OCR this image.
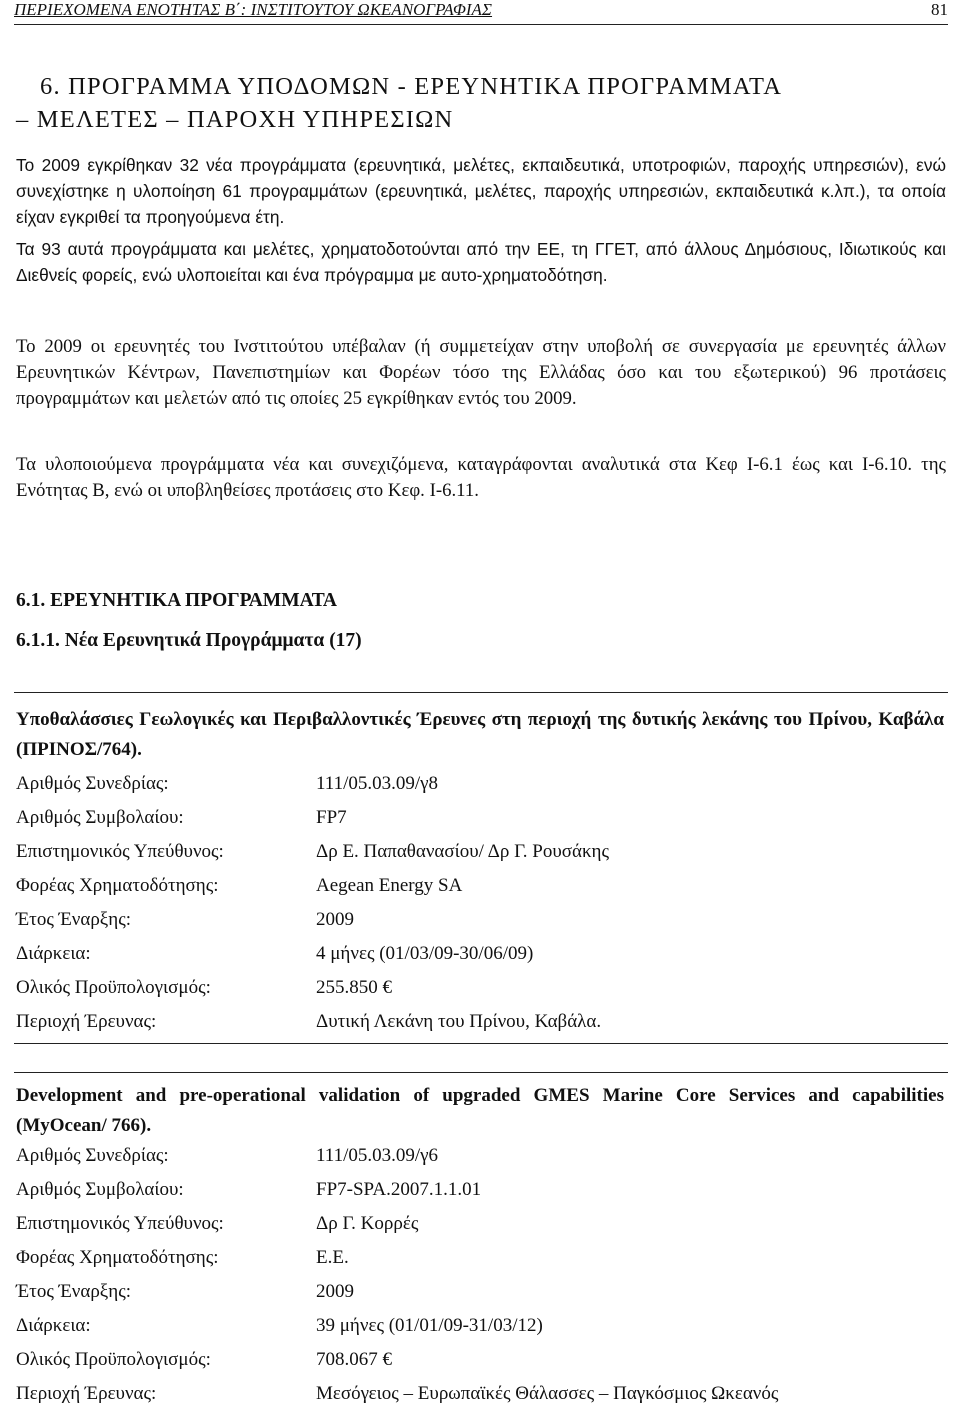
ΠΕΡΙΕΧΟΜΕΝΑ ΕΝΟΤΗΤΑΣ Β΄: ΙΝΣΤΙΤΟΥΤΟΥ ΩΚΕΑΝΟΓΡΑΦΙΑΣ	81
6. ΠΡΟΓΡΑΜΜΑ ΥΠΟΔΟΜΩΝ - ΕΡΕΥΝΗΤΙΚΑ ΠΡΟΓΡΑΜΜΑΤΑ
– ΜΕΛΕΤΕΣ – ΠΑΡΟΧΗ ΥΠΗΡΕΣΙΩΝ
Το 2009 εγκρίθηκαν 32 νέα προγράμματα (ερευνητικά, μελέτες, εκπαιδευτικά, υποτροφιών, παροχής υπηρεσιών), ενώ συνεχίστηκε η υλοποίηση 61 προγραμμάτων (ερευνητικά, μελέτες, παροχής υπηρεσιών, εκπαιδευτικά κ.λπ.), τα οποία είχαν εγκριθεί τα προηγούμενα έτη.
Τα 93 αυτά προγράμματα και μελέτες, χρηματοδοτούνται από την ΕΕ, τη ΓΓΕΤ, από άλλους Δημόσιους, Ιδιωτικούς και Διεθνείς φορείς, ενώ υλοποιείται και ένα πρόγραμμα με αυτο-χρηματοδότηση.
Το 2009 οι ερευνητές του Ινστιτούτου υπέβαλαν (ή συμμετείχαν στην υποβολή σε συνεργασία με ερευνητές άλλων Ερευνητικών Κέντρων, Πανεπιστημίων και Φορέων τόσο της Ελλάδας όσο και του εξωτερικού) 96 προτάσεις προγραμμάτων και μελετών από τις οποίες 25 εγκρίθηκαν εντός του 2009.
Τα υλοποιούμενα προγράμματα νέα και συνεχιζόμενα, καταγράφονται αναλυτικά στα Κεφ Ι-6.1 έως και Ι-6.10. της Ενότητας Β, ενώ οι υποβληθείσες προτάσεις στο Κεφ. Ι-6.11.
6.1. ΕΡΕΥΝΗΤΙΚΑ ΠΡΟΓΡΑΜΜΑΤΑ
6.1.1. Νέα Ερευνητικά Προγράμματα (17)
Υποθαλάσσιες Γεωλογικές και Περιβαλλοντικές Έρευνες στη περιοχή της δυτικής λεκάνης του Πρίνου, Καβάλα (ΠΡΙΝΟΣ/764).
Αριθμός Συνεδρίας:	111/05.03.09/γ8
Αριθμός Συμβολαίου:	FP7
Επιστημονικός Υπεύθυνος:	Δρ Ε. Παπαθανασίου/ Δρ Γ. Ρουσάκης
Φορέας Χρηματοδότησης:	Aegean Energy SA
Έτος Έναρξης:	2009
Διάρκεια:	4 μήνες (01/03/09-30/06/09)
Ολικός Προϋπολογισμός:	255.850 €
Περιοχή Έρευνας:	Δυτική Λεκάνη του Πρίνου, Καβάλα.
Development and pre-operational validation of upgraded GMES Marine Core Services and capabilities (MyOcean/ 766).
Αριθμός Συνεδρίας:	111/05.03.09/γ6
Αριθμός Συμβολαίου:	FP7-SPA.2007.1.1.01
Επιστημονικός Υπεύθυνος:	Δρ Γ. Κορρές
Φορέας Χρηματοδότησης:	E.E.
Έτος Έναρξης:	2009
Διάρκεια:	39 μήνες (01/01/09-31/03/12)
Ολικός Προϋπολογισμός:	708.067 €
Περιοχή Έρευνας:	Μεσόγειος – Ευρωπαϊκές Θάλασσες – Παγκόσμιος Ωκεανός
